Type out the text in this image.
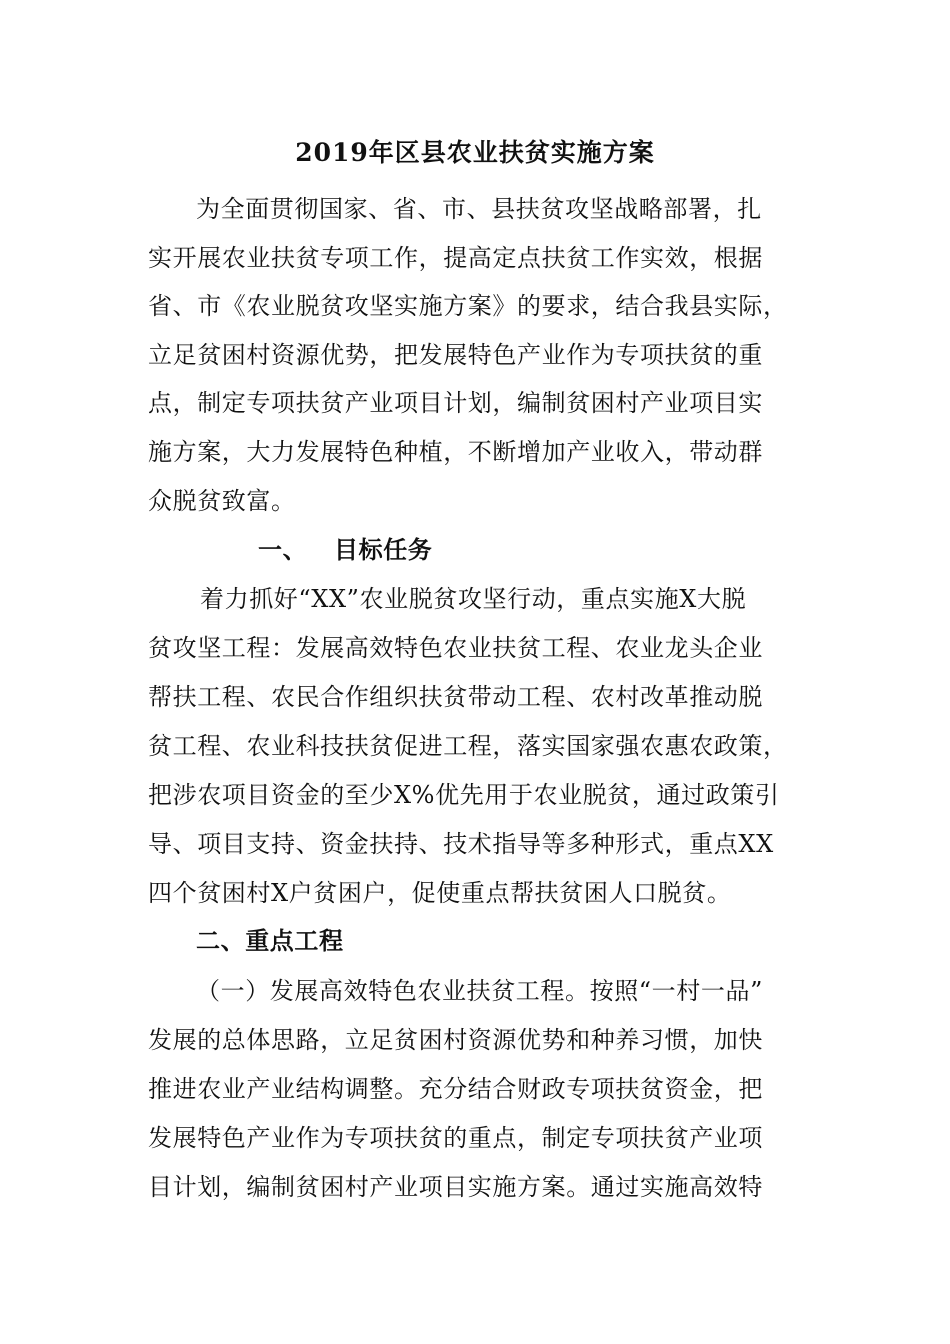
2019年区县农业扶贫实施方案
为全面贯彻国家、省、市、县扶贫攻坚战略部署，扎
实开展农业扶贫专项工作，提高定点扶贫工作实效，根据
省、市《农业脱贫攻坚实施方案》的要求，结合我县实际，
立足贫困村资源优势，把发展特色产业作为专项扶贫的重
点，制定专项扶贫产业项目计划，编制贫困村产业项目实
施方案，大力发展特色种植，不断增加产业收入，带动群
众脱贫致富。
一、 目标任务
着力抓好“XX”农业脱贫攻坚行动，重点实施X大脱
贫攻坚工程：发展高效特色农业扶贫工程、农业龙头企业
帮扶工程、农民合作组织扶贫带动工程、农村改革推动脱
贫工程、农业科技扶贫促进工程，落实国家强农惠农政策，
把涉农项目资金的至少X%优先用于农业脱贫，通过政策引
导、项目支持、资金扶持、技术指导等多种形式，重点XX
四个贫困村X户贫困户，促使重点帮扶贫困人口脱贫。
二、重点工程
（一）发展高效特色农业扶贫工程。按照“一村一品”
发展的总体思路，立足贫困村资源优势和种养习惯，加快
推进农业产业结构调整。充分结合财政专项扶贫资金，把
发展特色产业作为专项扶贫的重点，制定专项扶贫产业项
目计划，编制贫困村产业项目实施方案。通过实施高效特
